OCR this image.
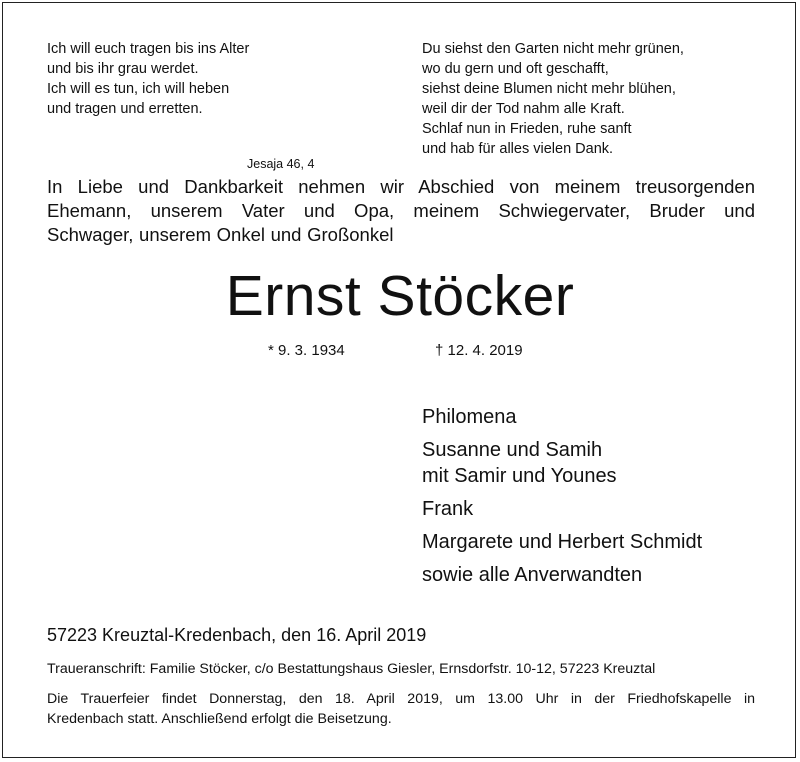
Ich will euch tragen bis ins Alter
und bis ihr grau werdet.
Ich will es tun, ich will heben
und tragen und erretten.
Jesaja 46, 4
Du siehst den Garten nicht mehr grünen,
wo du gern und oft geschafft,
siehst deine Blumen nicht mehr blühen,
weil dir der Tod nahm alle Kraft.
Schlaf nun in Frieden, ruhe sanft
und hab für alles vielen Dank.
In Liebe und Dankbarkeit nehmen wir Abschied von meinem treusorgenden
Ehemann, unserem Vater und Opa, meinem Schwiegervater, Bruder und
Schwager, unserem Onkel und Großonkel
Ernst Stöcker
* 9. 3. 1934	† 12. 4. 2019
Philomena
Susanne und Samih
mit Samir und Younes
Frank
Margarete und Herbert Schmidt
sowie alle Anverwandten
57223 Kreuztal-Kredenbach, den 16. April 2019
Traueranschrift: Familie Stöcker, c/o Bestattungshaus Giesler, Ernsdorfstr. 10-12, 57223 Kreuztal
Die Trauerfeier findet Donnerstag, den 18. April 2019, um 13.00 Uhr in der Friedhofskapelle in
Kredenbach statt. Anschließend erfolgt die Beisetzung.
